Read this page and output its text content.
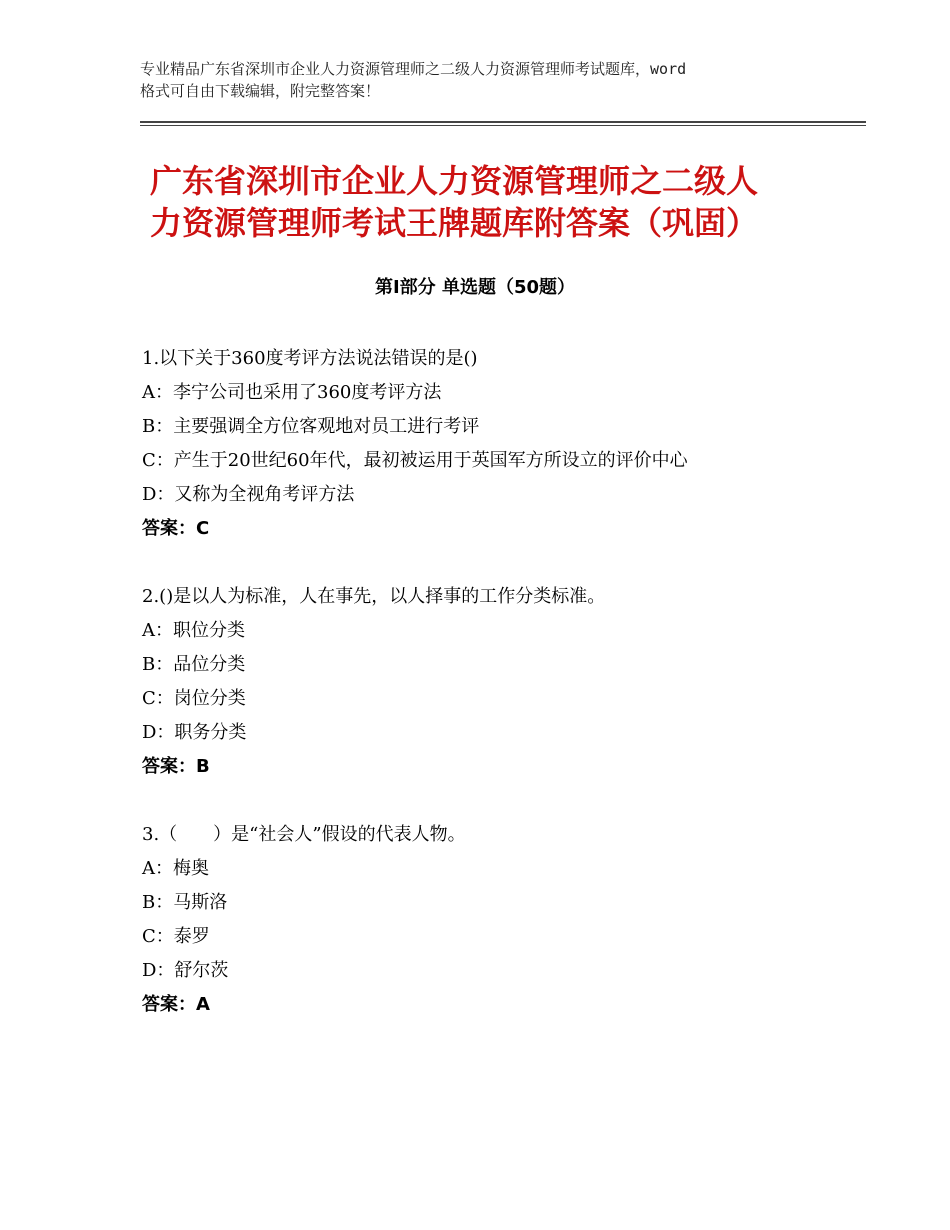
专业精品广东省深圳市企业人力资源管理师之二级人力资源管理师考试题库，word
格式可自由下载编辑，附完整答案！
广东省深圳市企业人力资源管理师之二级人
力资源管理师考试王牌题库附答案（巩固）
第Ⅰ部分 单选题（50题）
1.以下关于360度考评方法说法错误的是()
A：李宁公司也采用了360度考评方法
B：主要强调全方位客观地对员工进行考评
C：产生于20世纪60年代，最初被运用于英国军方所设立的评价中心
D：又称为全视角考评方法
答案：C
2.()是以人为标准，人在事先，以人择事的工作分类标准。
A：职位分类
B：品位分类
C：岗位分类
D：职务分类
答案：B
3.（　　）是“社会人”假设的代表人物。
A：梅奥
B：马斯洛
C：泰罗
D：舒尔茨
答案：A
